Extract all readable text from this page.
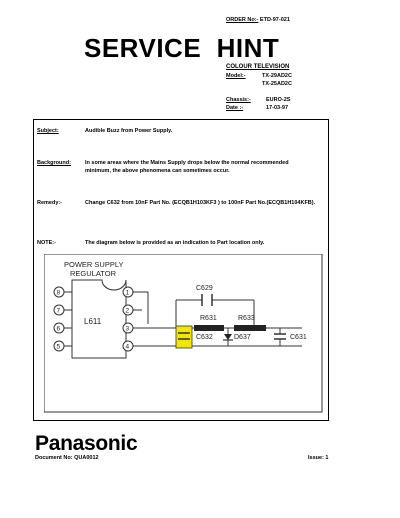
ORDER No:- ETD-97-021
SERVICE  HINT
COLOUR TELEVISION
Model:-	TX-29AD2C
TX-25AD2C
Chassis:-	EURO-2S
Date :-	17-03-97
Subject:	Audible Buzz from Power Supply.
Background:	In some areas where the Mains Supply drops below the normal recommended
minimum, the above phenomena can sometimes occur.
Remedy:-	Change C632 from 10nF Part No. (ECQB1H103KF3 ) to 100nF Part No.(ECQB1H104KFB).
NOTE:-	The diagram below is provided as an indication to Part location only.
POWER SUPPLY
REGULATOR
L611
8
7
6
5
1
2
3
4
C629
R631	R633
C632	D637	C631
Panasonic
Document No: QUA0012	Issue: 1
